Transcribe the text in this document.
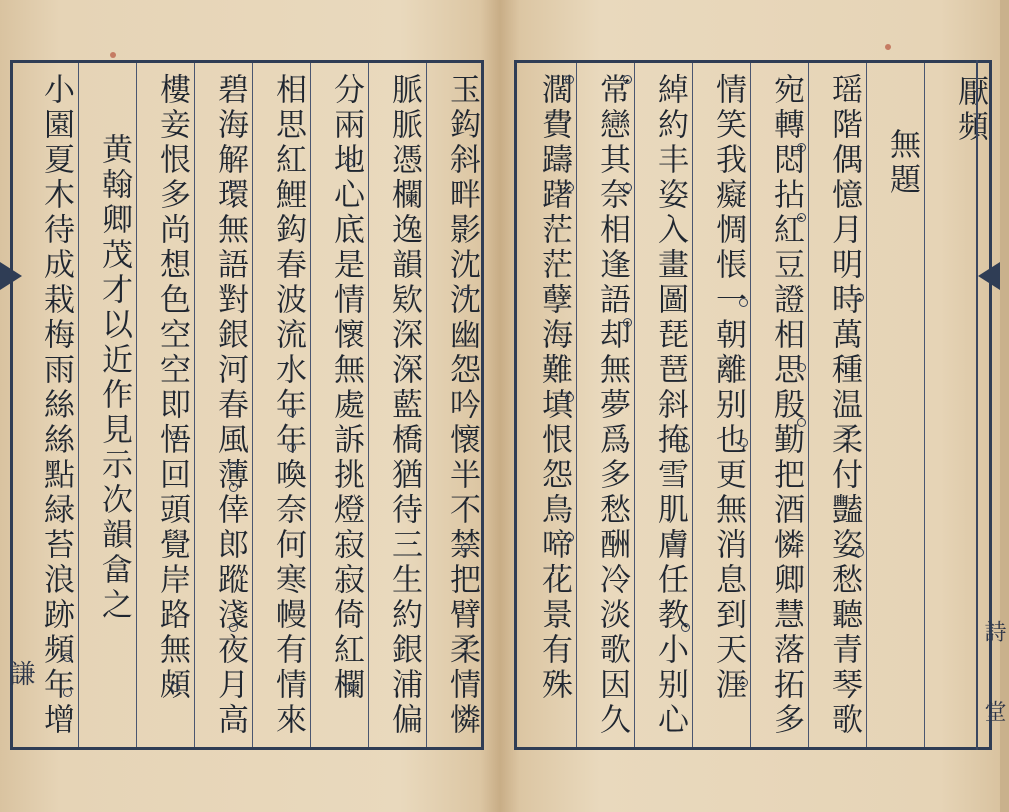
玉鈎斜畔影沈沈幽怨吟懷半不禁把臂柔情憐
脈脈憑欄逸韻欵深深藍橋猶待三生約銀浦偏
分兩地心底是情懷無處訴挑燈寂寂倚紅欄
相思紅鯉鈎春波流水年年喚奈何寒幔有情來
碧海解環無語對銀河春風薄倖郎蹤淺夜月高
樓妾恨多尚想色空空即悟回頭覺岸路無頗
黄翰卿茂才以近作見示次韻畣之
小園夏木待成栽梅雨絲絲點緑苔浪跡頻年增
謙
厭頻
無題
瑶階偶憶月明時萬種温柔付豔姿愁聽青琴歌
宛轉悶拈紅豆證相思殷勤把酒憐卿慧落拓多
情笑我癡惆悵一朝離别也更無消息到天涯
綽約丰姿入畫圖琵琶斜掩雪肌膚任教小别心
常戀其奈相逢語却無夢爲多愁酬冷淡歌因久
濶費躊躇茫茫孽海難填恨怨鳥啼花景有殊	詩
堂
